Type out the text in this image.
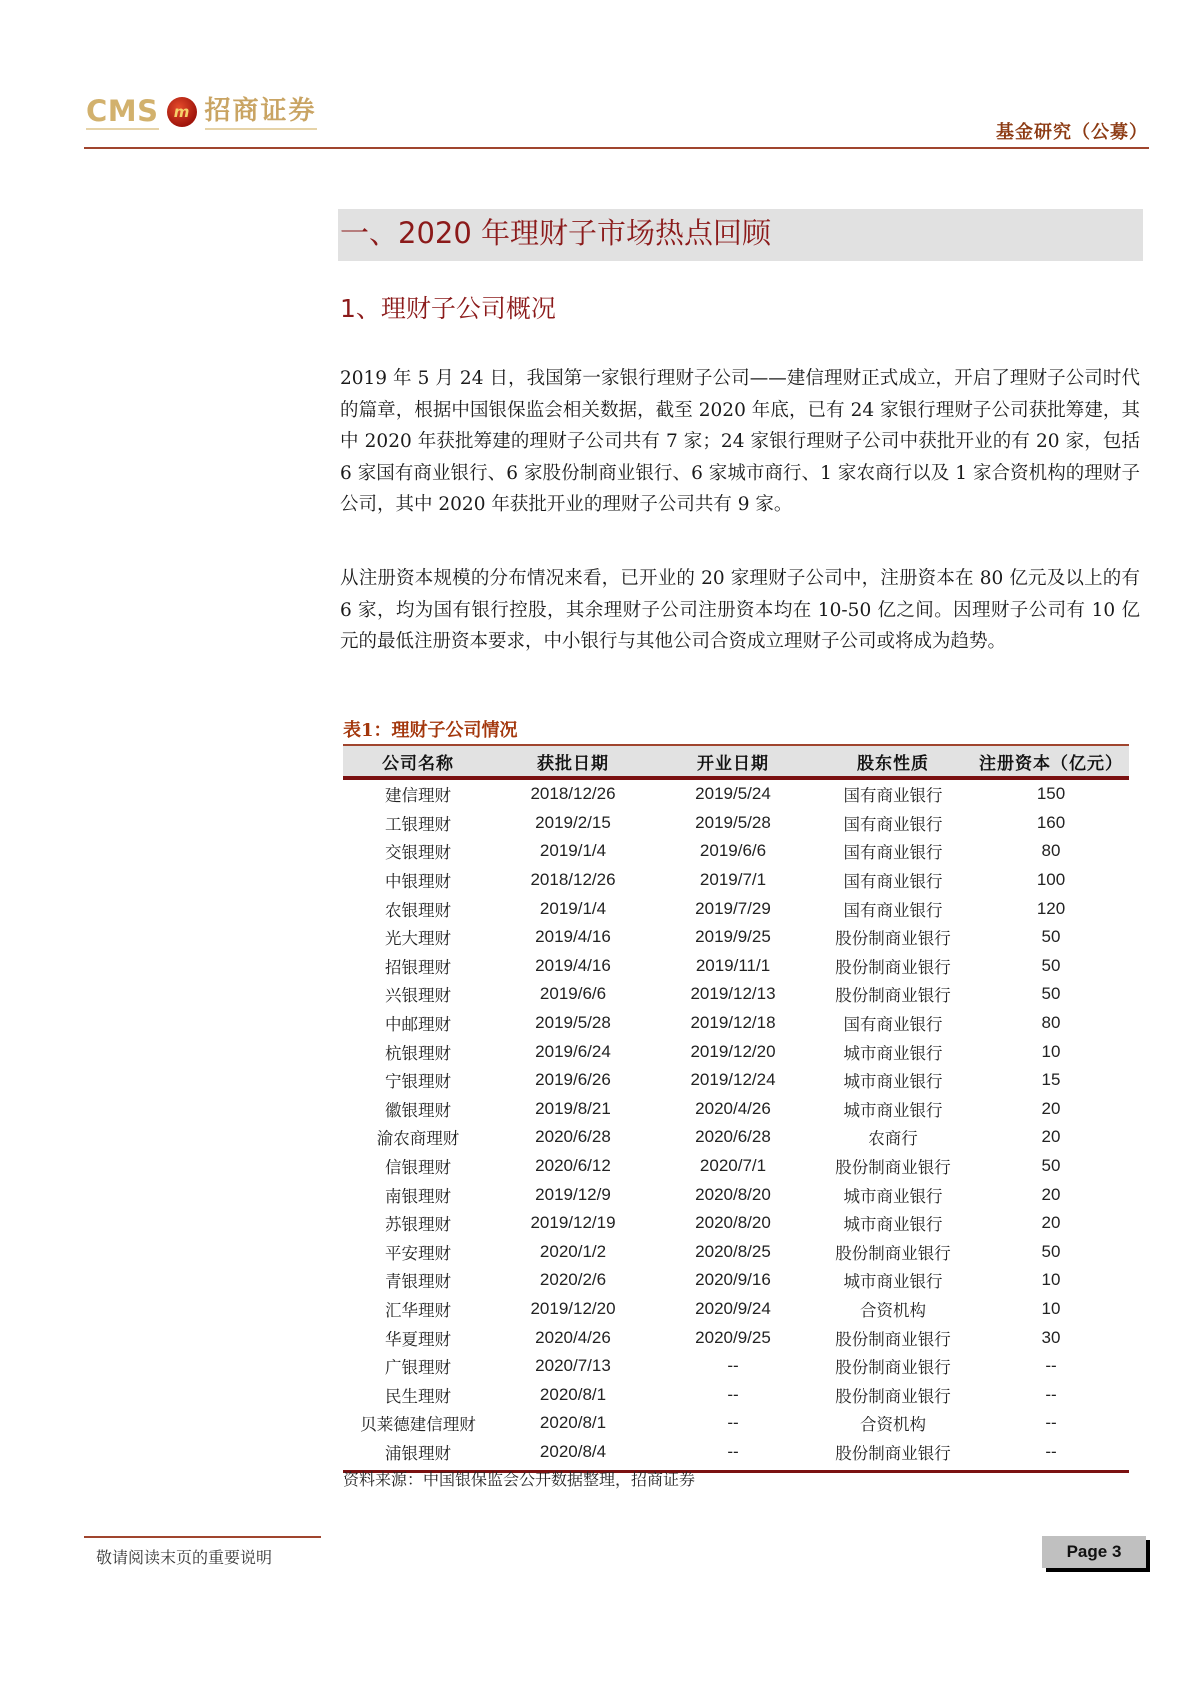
CMS	m 招商证券
基金研究（公募）
一、2020 年理财子市场热点回顾
1、理财子公司概况

2019 年 5 月 24 日，我国第一家银行理财子公司——建信理财正式成立，开启了理财子公司时代的篇章，根据中国银保监会相关数据，截至 2020 年底，已有 24 家银行理财子公司获批筹建，其中 2020 年获批筹建的理财子公司共有 7 家；24 家银行理财子公司中获批开业的有 20 家，包括 6 家国有商业银行、6 家股份制商业银行、6 家城市商行、1 家农商行以及 1 家合资机构的理财子公司，其中 2020 年获批开业的理财子公司共有 9 家。

从注册资本规模的分布情况来看，已开业的 20 家理财子公司中，注册资本在 80 亿元及以上的有 6 家，均为国有银行控股，其余理财子公司注册资本均在 10-50 亿之间。因理财子公司有 10 亿元的最低注册资本要求，中小银行与其他公司合资成立理财子公司或将成为趋势。

表1：理财子公司情况
公司名称	获批日期	开业日期	股东性质	注册资本（亿元）

建信理财	2018/12/26	2019/5/24	国有商业银行	150
工银理财	2019/2/15	2019/5/28	国有商业银行	160
交银理财	2019/1/4	2019/6/6	国有商业银行	80
中银理财	2018/12/26	2019/7/1	国有商业银行	100
农银理财	2019/1/4	2019/7/29	国有商业银行	120
光大理财	2019/4/16	2019/9/25	股份制商业银行	50
招银理财	2019/4/16	2019/11/1	股份制商业银行	50
兴银理财	2019/6/6	2019/12/13	股份制商业银行	50
中邮理财	2019/5/28	2019/12/18	国有商业银行	80
杭银理财	2019/6/24	2019/12/20	城市商业银行	10
宁银理财	2019/6/26	2019/12/24	城市商业银行	15
徽银理财	2019/8/21	2020/4/26	城市商业银行	20
渝农商理财	2020/6/28	2020/6/28	农商行	20
信银理财	2020/6/12	2020/7/1	股份制商业银行	50
南银理财	2019/12/9	2020/8/20	城市商业银行	20
苏银理财	2019/12/19	2020/8/20	城市商业银行	20
平安理财	2020/1/2	2020/8/25	股份制商业银行	50
青银理财	2020/2/6	2020/9/16	城市商业银行	10
汇华理财	2019/12/20	2020/9/24	合资机构	10
华夏理财	2020/4/26	2020/9/25	股份制商业银行	30
广银理财	2020/7/13	--	股份制商业银行	--
民生理财	2020/8/1	--	股份制商业银行	--
贝莱德建信理财	2020/8/1	--	合资机构	--
浦银理财	2020/8/4	--	股份制商业银行	--
资料来源：中国银保监会公开数据整理，招商证券
敬请阅读末页的重要说明	Page 3
